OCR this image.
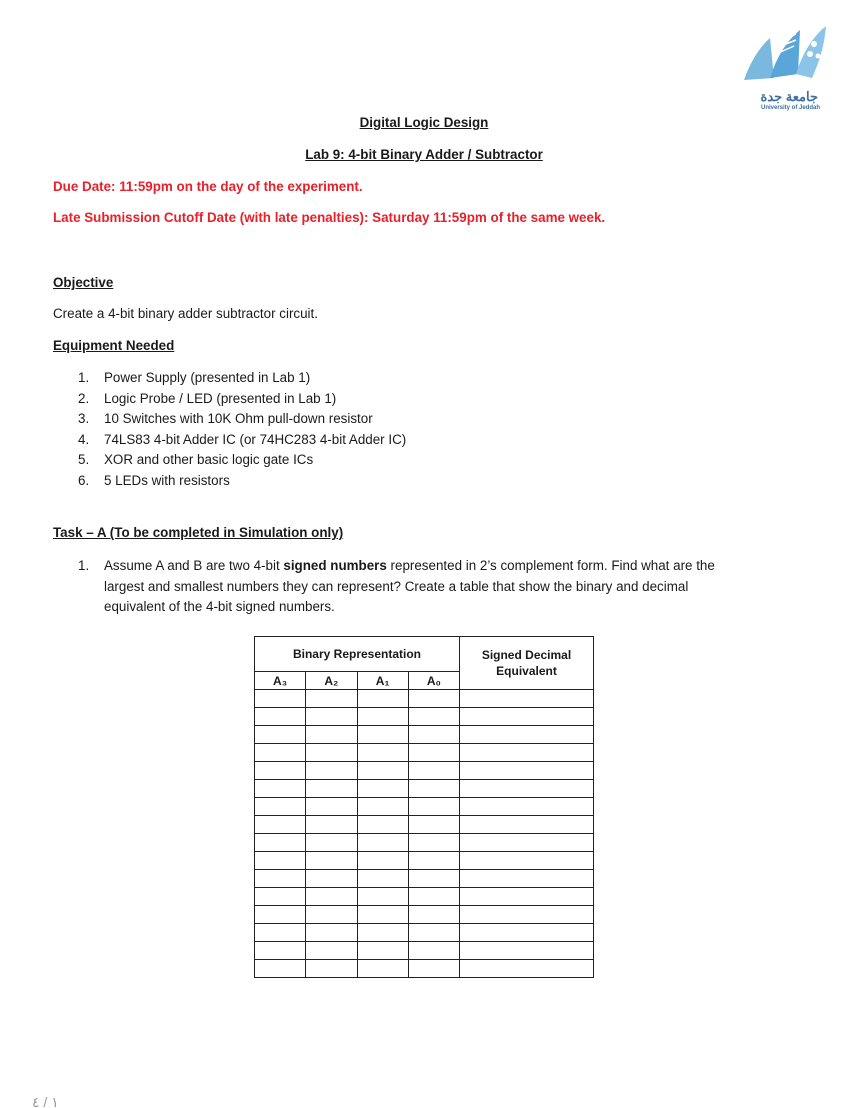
جامعة جدة
University of Jeddah
Digital Logic Design
Lab 9: 4-bit Binary Adder / Subtractor
Due Date: 11:59pm on the day of the experiment.
Late Submission Cutoff Date (with late penalties): Saturday 11:59pm of the same week.
Objective
Create a 4-bit binary adder subtractor circuit.
Equipment Needed
1. Power Supply (presented in Lab 1)
2. Logic Probe / LED (presented in Lab 1)
3. 10 Switches with 10K Ohm pull-down resistor
4. 74LS83 4-bit Adder IC (or 74HC283 4-bit Adder IC)
5. XOR and other basic logic gate ICs
6. 5 LEDs with resistors
Task – A (To be completed in Simulation only)
1. Assume A and B are two 4-bit signed numbers represented in 2’s complement form. Find what are the
largest and smallest numbers they can represent? Create a table that show the binary and decimal
equivalent of the 4-bit signed numbers.
Binary Representation				Signed Decimal
Equivalent
A₃	A₂	A₁	A₀	

١ / ٤
